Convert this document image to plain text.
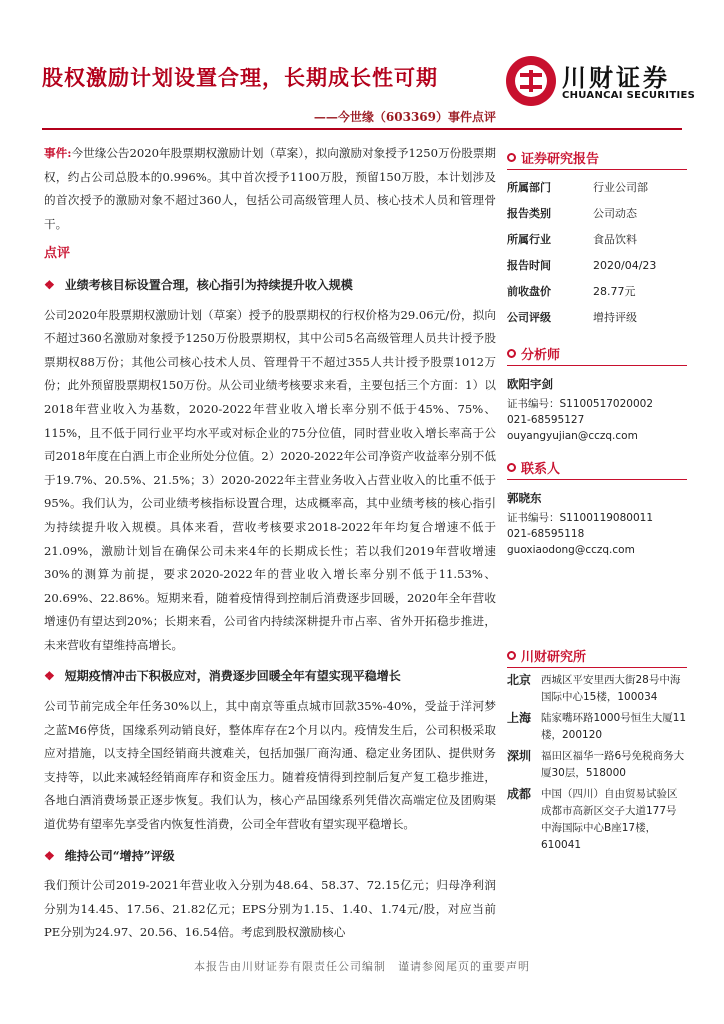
股权激励计划设置合理，长期成长性可期
——今世缘（603369）事件点评
川财证券
CHUANCAI SECURITIES

事件:今世缘公告2020年股票期权激励计划（草案），拟向激励对象授予1250万份股票期权，约占公司总股本的0.996%。其中首次授予1100万股，预留150万股，本计划涉及的首次授予的激励对象不超过360人，包括公司高级管理人员、核心技术人员和管理骨干。

点评
❖ 业绩考核目标设置合理，核心指引为持续提升收入规模

公司2020年股票期权激励计划（草案）授予的股票期权的行权价格为29.06元/份，拟向不超过360名激励对象授予1250万份股票期权，其中公司5名高级管理人员共计授予股票期权88万份；其他公司核心技术人员、管理骨干不超过355人共计授予股票1012万份；此外预留股票期权150万份。从公司业绩考核要求来看，主要包括三个方面：1）以2018年营业收入为基数，2020-2022年营业收入增长率分别不低于45%、75%、115%，且不低于同行业平均水平或对标企业的75分位值，同时营业收入增长率高于公司2018年度在白酒上市企业所处分位值。2）2020-2022年公司净资产收益率分别不低于19.7%、20.5%、21.5%；3）2020-2022年主营业务收入占营业收入的比重不低于95%。我们认为，公司业绩考核指标设置合理，达成概率高，其中业绩考核的核心指引为持续提升收入规模。具体来看，营收考核要求2018-2022年年均复合增速不低于21.09%，激励计划旨在确保公司未来4年的长期成长性；若以我们2019年营收增速30%的测算为前提，要求2020-2022年的营业收入增长率分别不低于11.53%、20.69%、22.86%。短期来看，随着疫情得到控制后消费逐步回暖，2020年全年营收增速仍有望达到20%；长期来看，公司省内持续深耕提升市占率、省外开拓稳步推进，未来营收有望维持高增长。

❖ 短期疫情冲击下积极应对，消费逐步回暖全年有望实现平稳增长

公司节前完成全年任务30%以上，其中南京等重点城市回款35%-40%，受益于洋河梦之蓝M6停货，国缘系列动销良好，整体库存在2个月以内。疫情发生后，公司积极采取应对措施，以支持全国经销商共渡难关，包括加强厂商沟通、稳定业务团队、提供财务支持等，以此来减轻经销商库存和资金压力。随着疫情得到控制后复产复工稳步推进，各地白酒消费场景正逐步恢复。我们认为，核心产品国缘系列凭借次高端定位及团购渠道优势有望率先享受省内恢复性消费，公司全年营收有望实现平稳增长。

❖ 维持公司“增持”评级

我们预计公司2019-2021年营业收入分别为48.64、58.37、72.15亿元；归母净利润分别为14.45、17.56、21.82亿元；EPS分别为1.15、1.40、1.74元/股，对应当前PE分别为24.97、20.56、16.54倍。考虑到股权激励核心

证券研究报告
所属部门	行业公司部
报告类别	公司动态
所属行业	食品饮料
报告时间	2020/04/23
前收盘价	28.77元
公司评级	增持评级
分析师
欧阳宇剑
证书编号：S1100517020002
021-68595127
ouyangyujian@cczq.com
联系人
郭晓东
证书编号：S1100119080011
021-68595118
guoxiaodong@cczq.com
川财研究所
北京 西城区平安里西大街28号中海国际中心15楼，100034
上海 陆家嘴环路1000号恒生大厦11楼，200120
深圳 福田区福华一路6号免税商务大厦30层，518000
成都 中国（四川）自由贸易试验区成都市高新区交子大道177号中海国际中心B座17楼，610041
本报告由川财证券有限责任公司编制　谨请参阅尾页的重要声明
